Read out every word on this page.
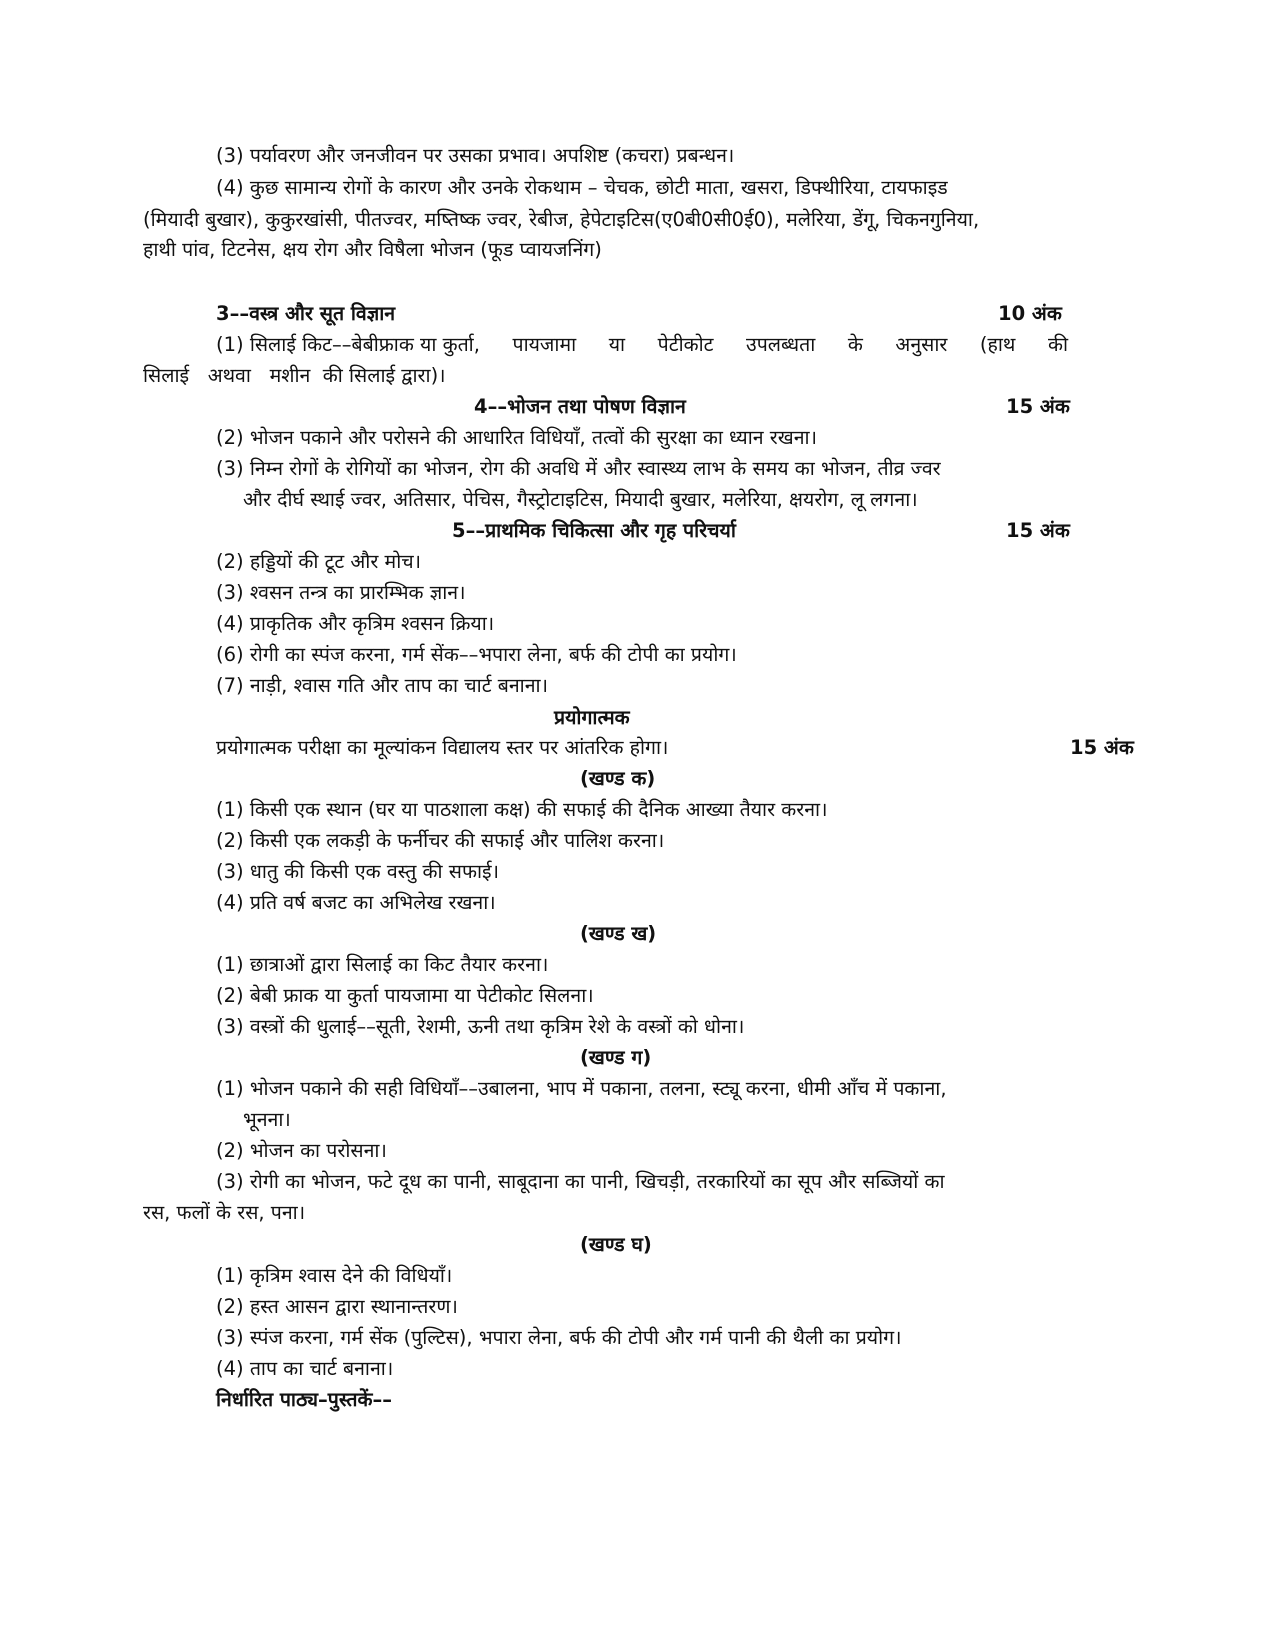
(3) पर्यावरण और जनजीवन पर उसका प्रभाव। अपशिष्ट (कचरा) प्रबन्धन।
(4) कुछ सामान्य रोगों के कारण और उनके रोकथाम – चेचक, छोटी माता, खसरा, डिफ्थीरिया, टायफाइड
(मियादी बुखार), कुकुरखांसी, पीतज्वर, मष्तिष्क ज्वर, रेबीज, हेपेटाइटिस(ए0बी0सी0ई0), मलेरिया, डेंगू, चिकनगुनिया,
हाथी पांव, टिटनेस, क्षय रोग और विषैला भोजन (फूड प्वायजनिंग)
3––वस्त्र और सूत विज्ञान	10 अंक
(1) सिलाई किट––बेबीफ्राक या कुर्ता, पायजामा या पेटीकोट उपलब्धता के अनुसार (हाथ की
सिलाई अथवा मशीन की सिलाई द्वारा)।
4––भोजन तथा पोषण विज्ञान	15 अंक
(2) भोजन पकाने और परोसने की आधारित विधियाँ, तत्वों की सुरक्षा का ध्यान रखना।
(3) निम्न रोगों के रोगियों का भोजन, रोग की अवधि में और स्वास्थ्य लाभ के समय का भोजन, तीव्र ज्वर
और दीर्घ स्थाई ज्वर, अतिसार, पेचिस, गैस्ट्रोटाइटिस, मियादी बुखार, मलेरिया, क्षयरोग, लू लगना।
5––प्राथमिक चिकित्सा और गृह परिचर्या	15 अंक
(2) हड्डियों की टूट और मोच।
(3) श्वसन तन्त्र का प्रारम्भिक ज्ञान।
(4) प्राकृतिक और कृत्रिम श्वसन क्रिया।
(6) रोगी का स्पंज करना, गर्म सेंक––भपारा लेना, बर्फ की टोपी का प्रयोग।
(7) नाड़ी, श्वास गति और ताप का चार्ट बनाना।
प्रयोगात्मक
प्रयोगात्मक परीक्षा का मूल्यांकन विद्यालय स्तर पर आंतरिक होगा।	15 अंक
(खण्ड क)
(1) किसी एक स्थान (घर या पाठशाला कक्ष) की सफाई की दैनिक आख्या तैयार करना।
(2) किसी एक लकड़ी के फर्नीचर की सफाई और पालिश करना।
(3) धातु की किसी एक वस्तु की सफाई।
(4) प्रति वर्ष बजट का अभिलेख रखना।
(खण्ड ख)
(1) छात्राओं द्वारा सिलाई का किट तैयार करना।
(2) बेबी फ्राक या कुर्ता पायजामा या पेटीकोट सिलना।
(3) वस्त्रों की धुलाई––सूती, रेशमी, ऊनी तथा कृत्रिम रेशे के वस्त्रों को धोना।
(खण्ड ग)
(1) भोजन पकाने की सही विधियाँ––उबालना, भाप में पकाना, तलना, स्ट्यू करना, धीमी आँच में पकाना,
भूनना।
(2) भोजन का परोसना।
(3) रोगी का भोजन, फटे दूध का पानी, साबूदाना का पानी, खिचड़ी, तरकारियों का सूप और सब्जियों का
रस, फलों के रस, पना।
(खण्ड घ)
(1) कृत्रिम श्वास देने की विधियाँ।
(2) हस्त आसन द्वारा स्थानान्तरण।
(3) स्पंज करना, गर्म सेंक (पुल्टिस), भपारा लेना, बर्फ की टोपी और गर्म पानी की थैली का प्रयोग।
(4) ताप का चार्ट बनाना।
निर्धारित पाठ्य–पुस्तकें––
